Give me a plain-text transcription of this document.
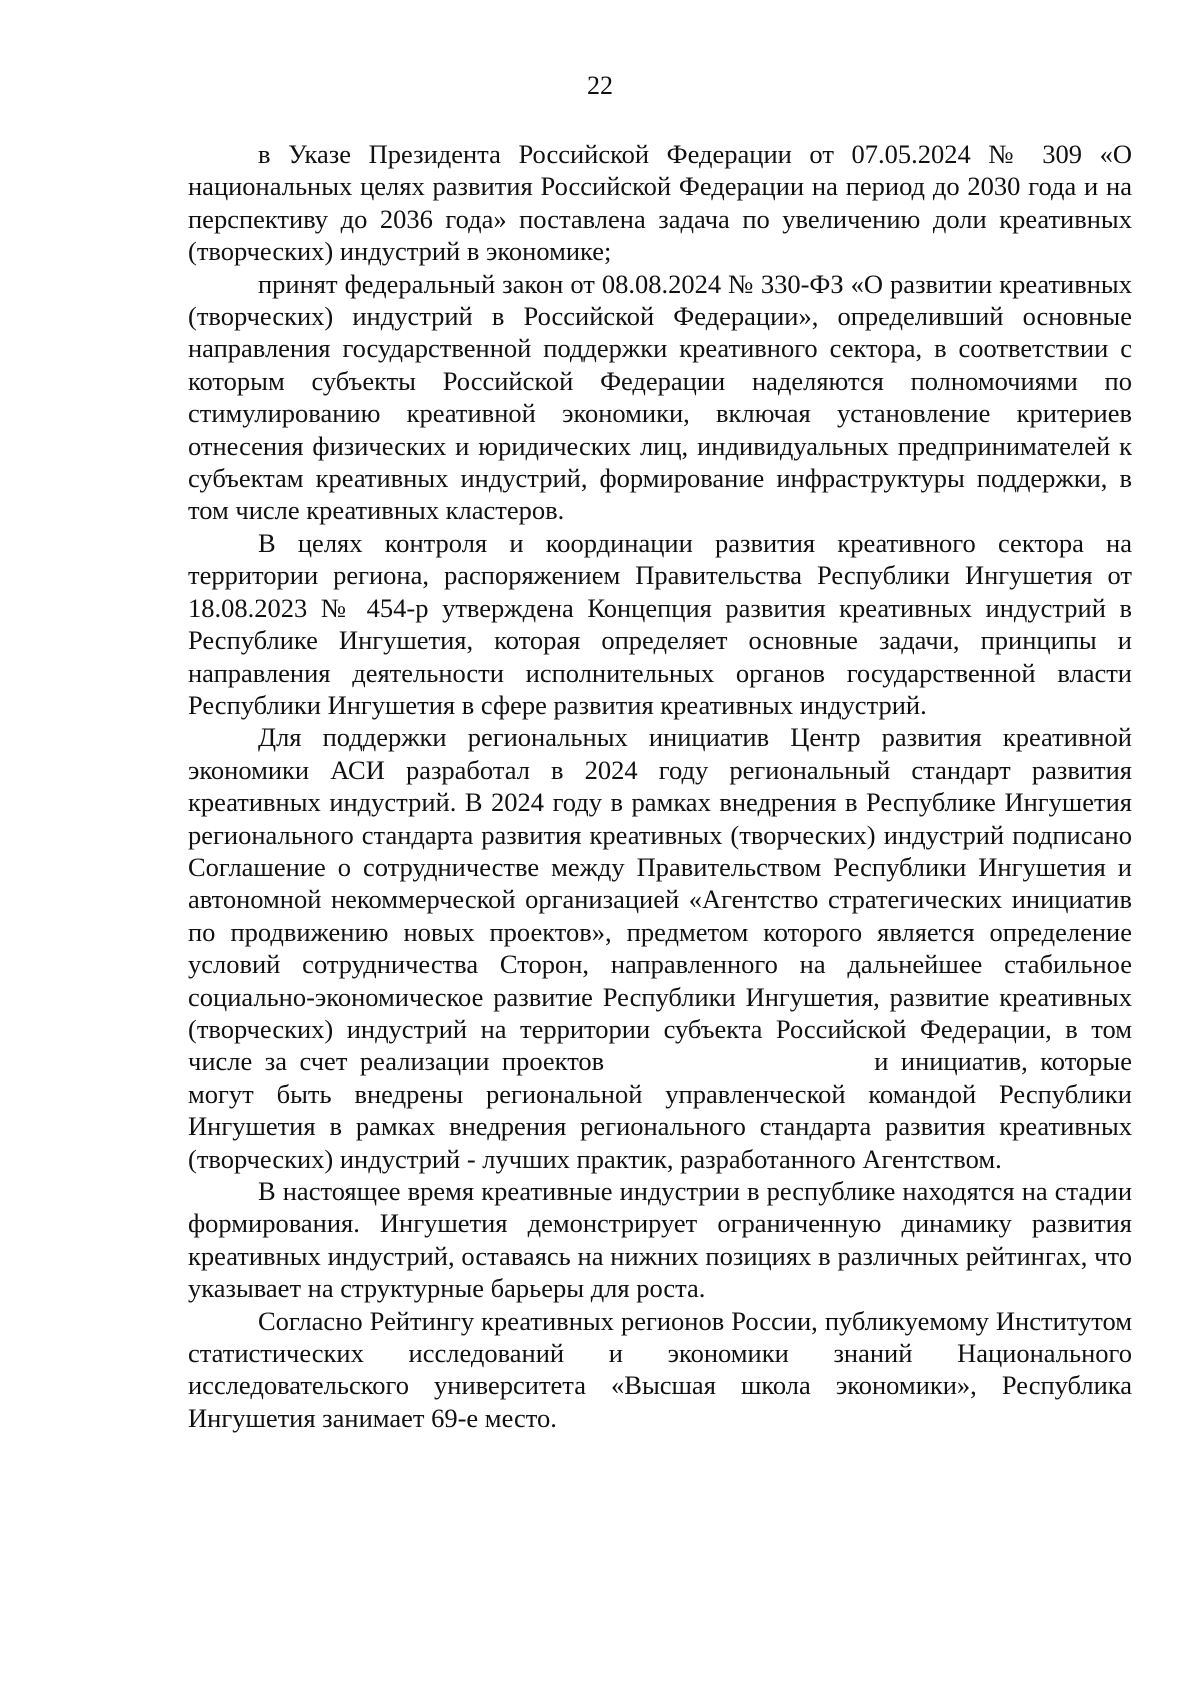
22

в Указе Президента Российской Федерации от 07.05.2024 № 309 «О национальных целях развития Российской Федерации на период до 2030 года и на перспективу до 2036 года» поставлена задача по увеличению доли креативных (творческих) индустрий в экономике;

принят федеральный закон от 08.08.2024 № 330-ФЗ «О развитии креативных (творческих) индустрий в Российской Федерации», определивший основные направления государственной поддержки креативного сектора, в соответствии с которым субъекты Российской Федерации наделяются полномочиями по стимулированию креативной экономики, включая установление критериев отнесения физических и юридических лиц, индивидуальных предпринимателей к субъектам креативных индустрий, формирование инфраструктуры поддержки, в том числе креативных кластеров.

В целях контроля и координации развития креативного сектора на территории региона, распоряжением Правительства Республики Ингушетия от 18.08.2023 № 454-р утверждена Концепция развития креативных индустрий в Республике Ингушетия, которая определяет основные задачи, принципы и направления деятельности исполнительных органов государственной власти Республики Ингушетия в сфере развития креативных индустрий.

Для поддержки региональных инициатив Центр развития креативной экономики АСИ разработал в 2024 году региональный стандарт развития креативных индустрий. В 2024 году в рамках внедрения в Республике Ингушетия регионального стандарта развития креативных (творческих) индустрий подписано Соглашение о сотрудничестве между Правительством Республики Ингушетия и автономной некоммерческой организацией «Агентство стратегических инициатив по продвижению новых проектов», предметом которого является определение условий сотрудничества Сторон, направленного на дальнейшее стабильное социально-экономическое развитие Республики Ингушетия, развитие креативных (творческих) индустрий на территории субъекта Российской Федерации, в том числе за счет реализации проектов	и инициатив, которые могут быть внедрены региональной управленческой командой Республики Ингушетия в рамках внедрения регионального стандарта развития креативных (творческих) индустрий - лучших практик, разработанного Агентством.

В настоящее время креативные индустрии в республике находятся на стадии формирования. Ингушетия демонстрирует ограниченную динамику развития креативных индустрий, оставаясь на нижних позициях в различных рейтингах, что указывает на структурные барьеры для роста.

Согласно Рейтингу креативных регионов России, публикуемому Институтом статистических исследований и экономики знаний Национального исследовательского университета «Высшая школа экономики», Республика Ингушетия занимает 69-е место.
